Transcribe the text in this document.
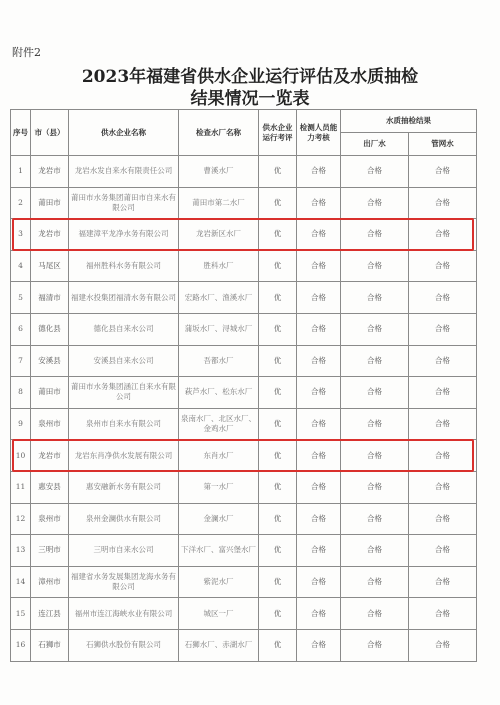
附件2
2023年福建省供水企业运行评估及水质抽检
结果情况一览表
序号	市（县）	供水企业名称	检查水厂名称	供水企业运行考评	检测人员能力考核	水质抽检结果	
						出厂水	管网水
1	龙岩市	龙岩水发自来水有限责任公司	曹溪水厂	优	合格	合格	合格
2	莆田市	莆田市水务集团莆田市自来水有限公司	莆田市第二水厂	优	合格	合格	合格
3	龙岩市	福建漳平龙净水务有限公司	龙岩新区水厂	优	合格	合格	合格
4	马尾区	福州胜科水务有限公司	胜科水厂	优	合格	合格	合格
5	福清市	福建水投集团福清水务有限公司	宏路水厂、渔溪水厂	优	合格	合格	合格
6	德化县	德化县自来水公司	蒲坂水厂、浔城水厂	优	合格	合格	合格
7	安溪县	安溪县自来水公司	吾都水厂	优	合格	合格	合格
8	莆田市	莆田市水务集团涵江自来水有限公司	萩芦水厂、松东水厂	优	合格	合格	合格
9	泉州市	泉州市自来水有限公司	泉南水厂、北区水厂、金鸡水厂	优	合格	合格	合格
10	龙岩市	龙岩东肖净供水发展有限公司	东肖水厂	优	合格	合格	合格
11	惠安县	惠安融新水务有限公司	第一水厂	优	合格	合格	合格
12	泉州市	泉州金澜供水有限公司	金澜水厂	优	合格	合格	合格
13	三明市	三明市自来水公司	下洋水厂、富兴堡水厂	优	合格	合格	合格
14	漳州市	福建省水务发展集团龙海水务有限公司	紫泥水厂	优	合格	合格	合格
15	连江县	福州市连江海峡水业有限公司	城区一厂	优	合格	合格	合格
16	石狮市	石狮供水股份有限公司	石狮水厂、赤湖水厂	优	合格	合格	合格
